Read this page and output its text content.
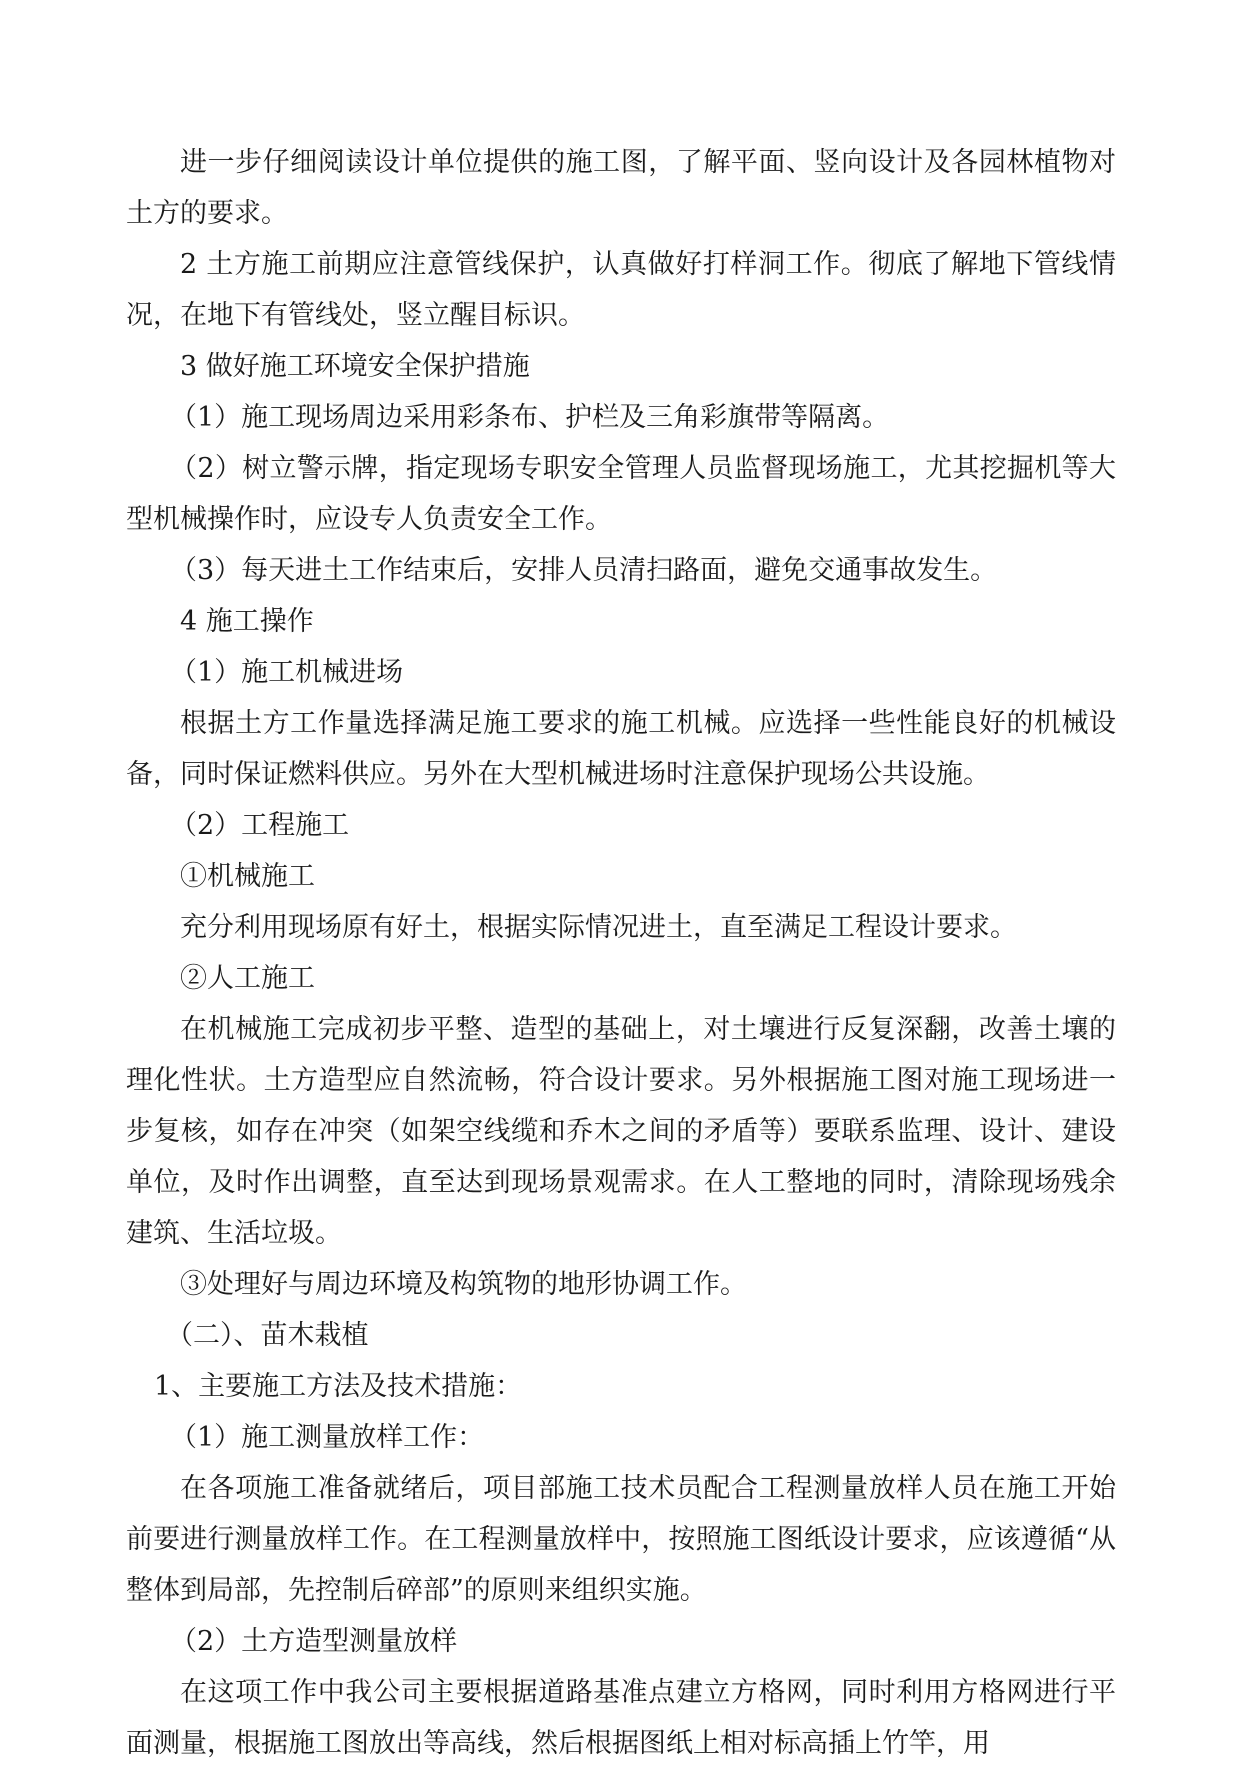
进一步仔细阅读设计单位提供的施工图，了解平面、竖向设计及各园林植物对土方的要求。

2 土方施工前期应注意管线保护，认真做好打样洞工作。彻底了解地下管线情况，在地下有管线处，竖立醒目标识。

3 做好施工环境安全保护措施

（1）施工现场周边采用彩条布、护栏及三角彩旗带等隔离。

（2）树立警示牌，指定现场专职安全管理人员监督现场施工，尤其挖掘机等大型机械操作时，应设专人负责安全工作。

（3）每天进土工作结束后，安排人员清扫路面，避免交通事故发生。

4 施工操作

（1）施工机械进场

根据土方工作量选择满足施工要求的施工机械。应选择一些性能良好的机械设备，同时保证燃料供应。另外在大型机械进场时注意保护现场公共设施。

（2）工程施工

①机械施工

充分利用现场原有好土，根据实际情况进土，直至满足工程设计要求。

②人工施工

在机械施工完成初步平整、造型的基础上，对土壤进行反复深翻，改善土壤的理化性状。土方造型应自然流畅，符合设计要求。另外根据施工图对施工现场进一步复核，如存在冲突（如架空线缆和乔木之间的矛盾等）要联系监理、设计、建设单位，及时作出调整，直至达到现场景观需求。在人工整地的同时，清除现场残余建筑、生活垃圾。

③处理好与周边环境及构筑物的地形协调工作。

（二）、苗木栽植

1、主要施工方法及技术措施：

（1）施工测量放样工作：

在各项施工准备就绪后，项目部施工技术员配合工程测量放样人员在施工开始前要进行测量放样工作。在工程测量放样中，按照施工图纸设计要求，应该遵循“从整体到局部，先控制后碎部”的原则来组织实施。

（2）土方造型测量放样

在这项工作中我公司主要根据道路基准点建立方格网，同时利用方格网进行平面测量，根据施工图放出等高线，然后根据图纸上相对标高插上竹竿，用
